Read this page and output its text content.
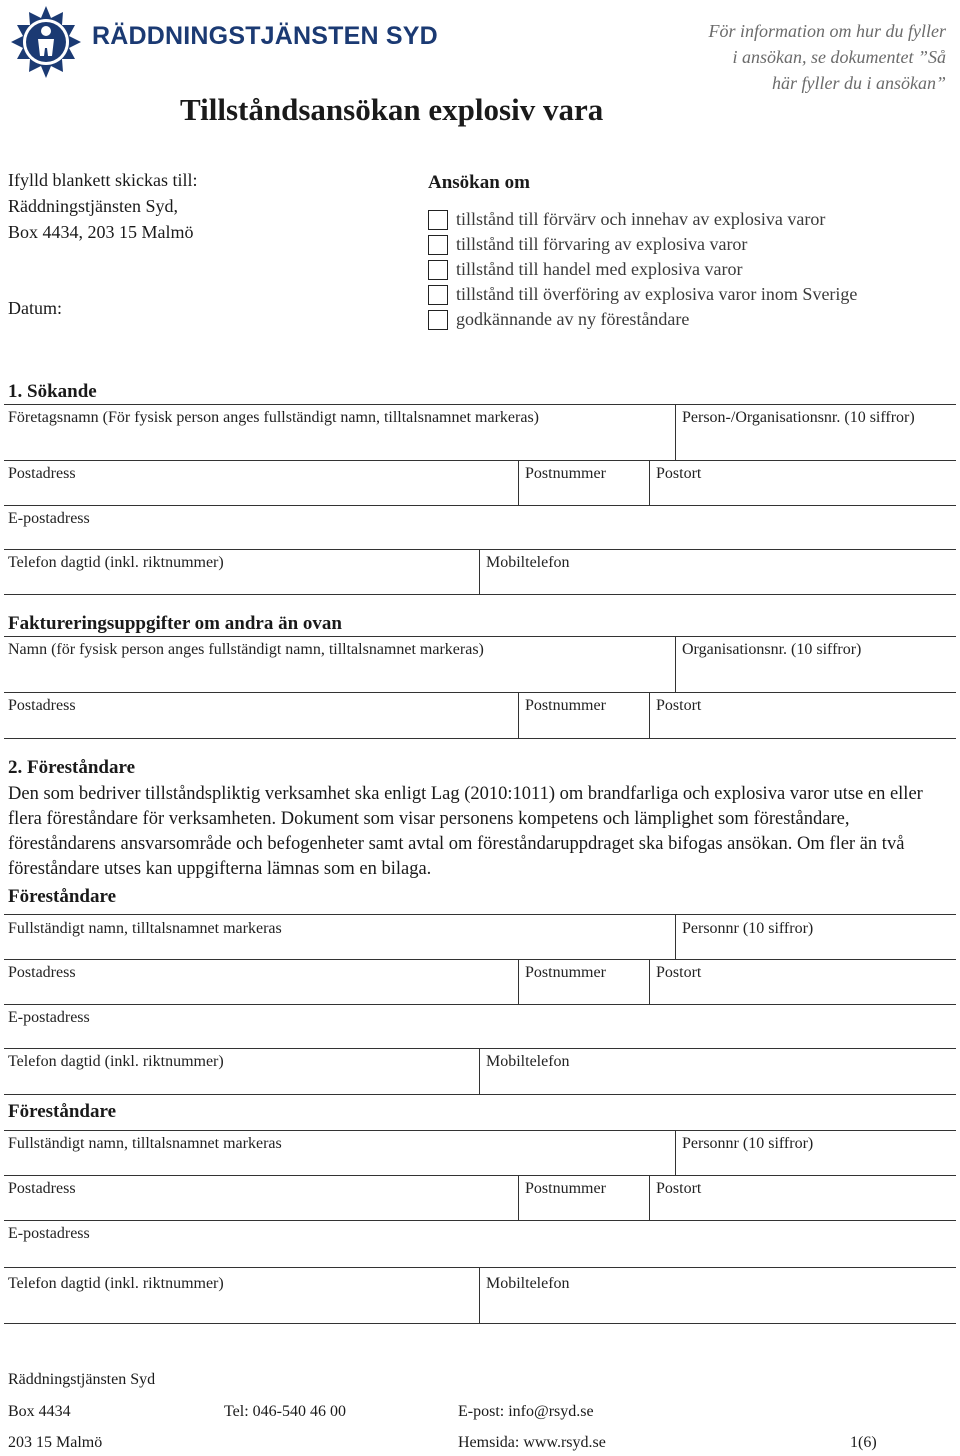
RÄDDNINGSTJÄNSTEN SYD	För information om hur du fyller i ansökan, se dokumentet ”Så här fyller du i ansökan”
Tillståndsansökan explosiv vara
Ifylld blankett skickas till:
Räddningstjänsten Syd,
Box 4434, 203 15 Malmö
Datum:
Ansökan om
tillstånd till förvärv och innehav av explosiva varor
tillstånd till förvaring av explosiva varor
tillstånd till handel med explosiva varor
tillstånd till överföring av explosiva varor inom Sverige
godkännande av ny föreståndare
1. Sökande
Företagsnamn (För fysisk person anges fullständigt namn, tilltalsnamnet markeras)	Person-/Organisationsnr. (10 siffror)
Postadress	Postnummer	Postort
E-postadress
Telefon dagtid (inkl. riktnummer)	Mobiltelefon
Faktureringsuppgifter om andra än ovan
Namn (för fysisk person anges fullständigt namn, tilltalsnamnet markeras)	Organisationsnr. (10 siffror)
Postadress	Postnummer	Postort
2. Föreståndare
Den som bedriver tillståndspliktig verksamhet ska enligt Lag (2010:1011) om brandfarliga och explosiva varor utse en eller flera föreståndare för verksamheten. Dokument som visar personens kompetens och lämplighet som föreståndare, föreståndarens ansvarsområde och befogenheter samt avtal om föreståndaruppdraget ska bifogas ansökan. Om fler än två föreståndare utses kan uppgifterna lämnas som en bilaga.
Föreståndare
Fullständigt namn, tilltalsnamnet markeras	Personnr (10 siffror)
Postadress	Postnummer	Postort
E-postadress
Telefon dagtid (inkl. riktnummer)	Mobiltelefon
Föreståndare
Fullständigt namn, tilltalsnamnet markeras	Personnr (10 siffror)
Postadress	Postnummer	Postort
E-postadress
Telefon dagtid (inkl. riktnummer)	Mobiltelefon
Räddningstjänsten Syd
Box 4434	Tel: 046-540 46 00	E-post: info@rsyd.se
203 15 Malmö	Hemsida: www.rsyd.se	1(6)
